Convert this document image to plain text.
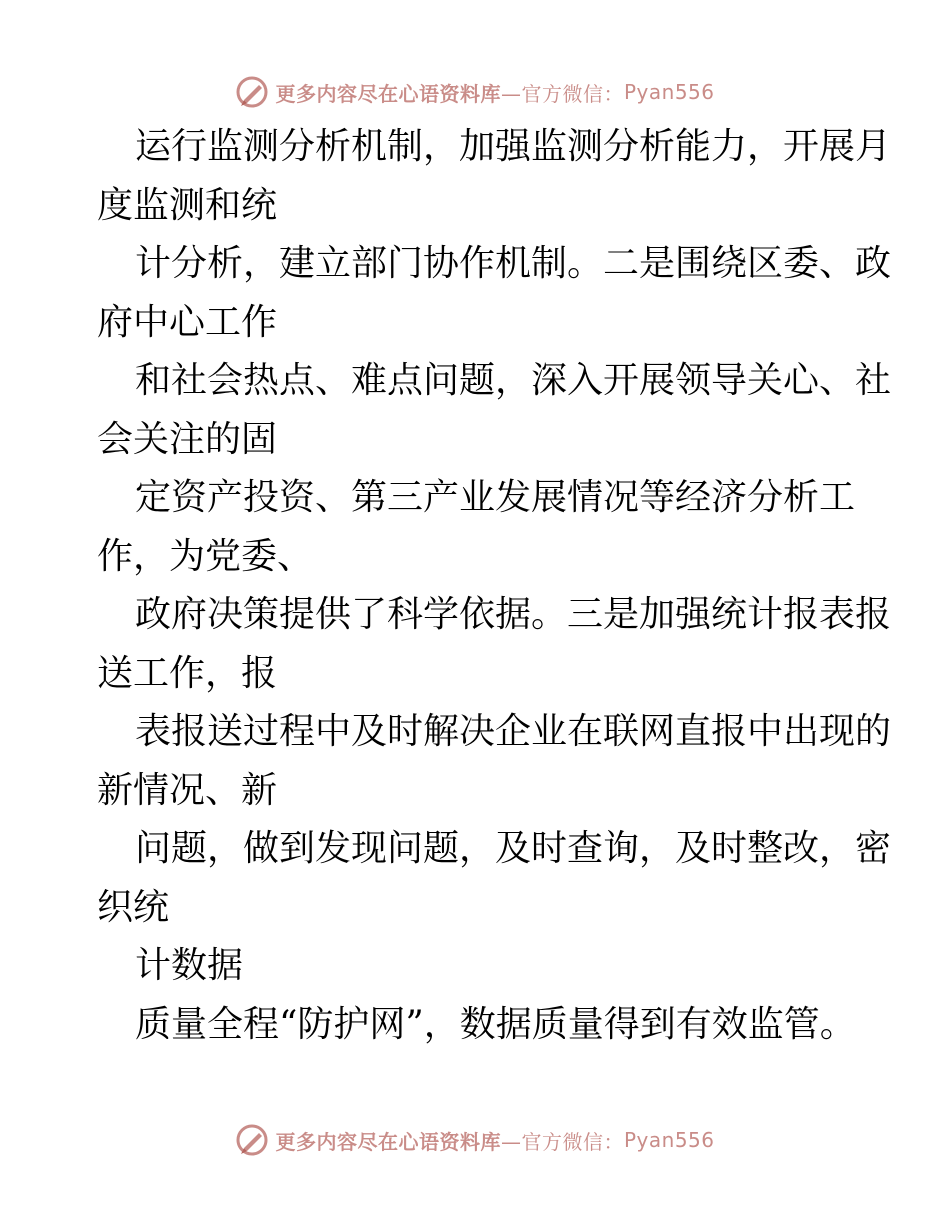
更多内容尽在心语资料库 —官方微信： Pyan556
运行监测分析机制，加强监测分析能力，开展月
度监测和统
计分析，建立部门协作机制。二是围绕区委、政
府中心工作
和社会热点、难点问题，深入开展领导关心、社
会关注的固
定资产投资、第三产业发展情况等经济分析工
作，为党委、
政府决策提供了科学依据。三是加强统计报表报
送工作，报
表报送过程中及时解决企业在联网直报中出现的
新情况、新
问题，做到发现问题，及时查询，及时整改，密
织统
计数据
质量全程“防护网”，数据质量得到有效监管。
更多内容尽在心语资料库 —官方微信： Pyan556
